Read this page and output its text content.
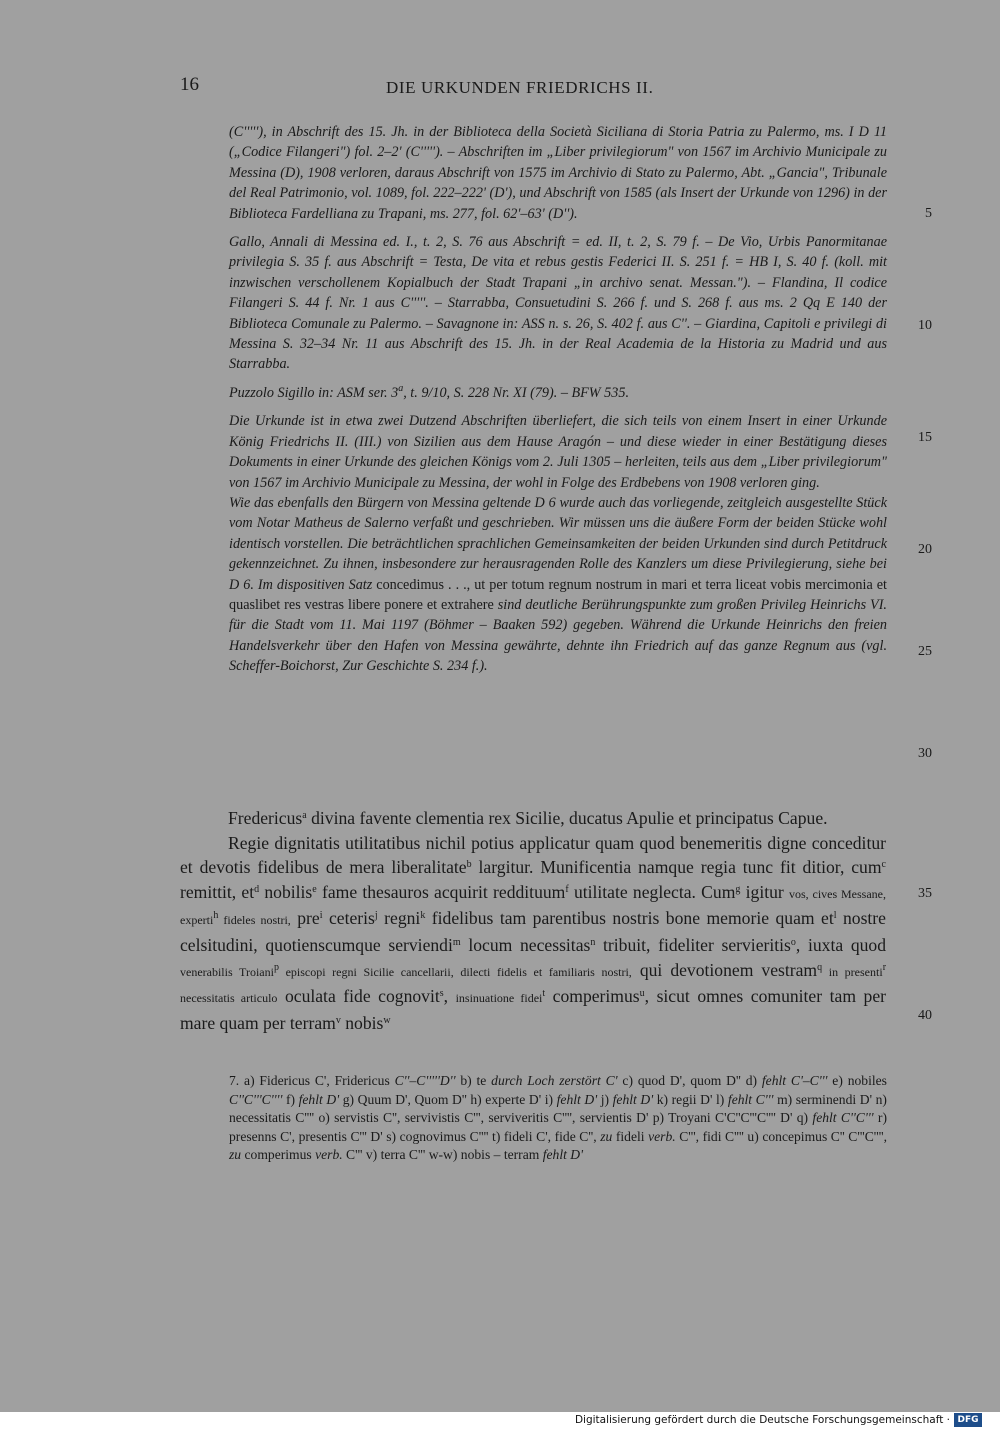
16	DIE URKUNDEN FRIEDRICHS II.

(C'''''), in Abschrift des 15. Jh. in der Biblioteca della Società Siciliana di Storia Patria zu Palermo, ms. I D 11 („Codice Filangeri") fol. 2–2' (C'''''). – Abschriften im „Liber privilegiorum" von 1567 im Archivio Municipale zu Messina (D), 1908 verloren, daraus Abschrift von 1575 im Archivio di Stato zu Palermo, Abt. „Gancia", Tribunale del Real Patrimonio, vol. 1089, fol. 222–222' (D'), und Abschrift von 1585 (als Insert der Urkunde von 1296) in der Biblioteca Fardelliana zu Trapani, ms. 277, fol. 62'–63' (D'').

Gallo, Annali di Messina ed. I., t. 2, S. 76 aus Abschrift = ed. II, t. 2, S. 79 f. – De Vio, Urbis Panormitanae privilegia S. 35 f. aus Abschrift = Testa, De vita et rebus gestis Federici II. S. 251 f. = HB I, S. 40 f. (koll. mit inzwischen verschollenem Kopialbuch der Stadt Trapani „in archivo senat. Messan."). – Flandina, Il codice Filangeri S. 44 f. Nr. 1 aus C'''''. – Starrabba, Consuetudini S. 266 f. und S. 268 f. aus ms. 2 Qq E 140 der Biblioteca Comunale zu Palermo. – Savagnone in: ASS n. s. 26, S. 402 f. aus C''. – Giardina, Capitoli e privilegi di Messina S. 32–34 Nr. 11 aus Abschrift des 15. Jh. in der Real Academia de la Historia zu Madrid und aus Starrabba.

Puzzolo Sigillo in: ASM ser. 3$^a$, t. 9/10, S. 228 Nr. XI (79). – BFW 535.

Die Urkunde ist in etwa zwei Dutzend Abschriften überliefert, die sich teils von einem Insert in einer Urkunde König Friedrichs II. (III.) von Sizilien aus dem Hause Aragón – und diese wieder in einer Bestätigung dieses Dokuments in einer Urkunde des gleichen Königs vom 2. Juli 1305 – herleiten, teils aus dem „Liber privilegiorum" von 1567 im Archivio Municipale zu Messina, der wohl in Folge des Erdbebens von 1908 verloren ging.

Wie das ebenfalls den Bürgern von Messina geltende D 6 wurde auch das vorliegende, zeitgleich ausgestellte Stück vom Notar Matheus de Salerno verfaßt und geschrieben. Wir müssen uns die äußere Form der beiden Stücke wohl identisch vorstellen. Die beträchtlichen sprachlichen Gemeinsamkeiten der beiden Urkunden sind durch Petitdruck gekennzeichnet. Zu ihnen, insbesondere zur herausragenden Rolle des Kanzlers um diese Privilegierung, siehe bei D 6. Im dispositiven Satz concedimus . . ., ut per totum regnum nostrum in mari et terra liceat vobis mercimonia et quaslibet res vestras libere ponere et extrahere sind deutliche Berührungspunkte zum großen Privileg Heinrichs VI. für die Stadt vom 11. Mai 1197 (Böhmer – Baaken 592) gegeben. Während die Urkunde Heinrichs den freien Handelsverkehr über den Hafen von Messina gewährte, dehnte ihn Friedrich auf das ganze Regnum aus (vgl. Scheffer-Boichorst, Zur Geschichte S. 234 f.).

Fredericus$^a$ divina favente clementia rex Sicilie, ducatus Apulie et principatus Capue.

Regie dignitatis utilitatibus nichil potius applicatur quam quod benemeritis digne conceditur et devotis fidelibus de mera liberalitate$^b$ largitur. Munificentia namque regia tunc fit ditior, cum$^c$ remittit, $et^d$ nobilis$^e$ fame thesauros acquirit reddituum$^f$ utilitate neglecta. Cum$^g$ igitur vos, cives Messane, experti$^h$ fideles nostri, pre$^i$ ceteris$^j$ regni$^k$ fidelibus tam parentibus nostris bone memorie quam $et^l$ nostre celsitudini, quotienscumque serviendi$^m$ locum necessitas$^n$ tribuit, fideliter servieritis$^o$, iuxta quod venerabilis Troiani$^p$ episcopi regni Sicilie cancellarii, dilecti fidelis et familiaris nostri, qui devotionem vestram$^q$ in presenti$^r$ necessitatis articulo oculata fide cognovit$^s$, insinuatione fidei$^t$ comperimus$^u$, sicut omnes comuniter tam per mare quam per terram$^v$ nobis$^w$

5
10
15
20
25
30
35
40

7. a) Fidericus C', Fridericus C''–C'''''D'' b) te durch Loch zerstört C' c) quod D', quom D'' d) fehlt C'–C''' e) nobiles C''C'''C'''' f) fehlt D' g) Quum D', Quom D'' h) experte D' i) fehlt D' j) fehlt D' k) regii D' l) fehlt C''' m) serminendi D' n) necessitatis C'''' o) servistis C'', servivistis C''', serviveritis C'''', servientis D' p) Troyani C'C''C'''C'''' D' q) fehlt C''C''' r) presenns C', presentis C''' D' s) cognovimus C'''' t) fideli C', fide C'', zu fideli verb. C''', fidi C'''' u) concepimus C'' C'''C'''', zu comperimus verb. C''' v) terra C''' w-w) nobis – terram fehlt D'

Digitalisierung gefördert durch die Deutsche Forschungsgemeinschaft · DFG
